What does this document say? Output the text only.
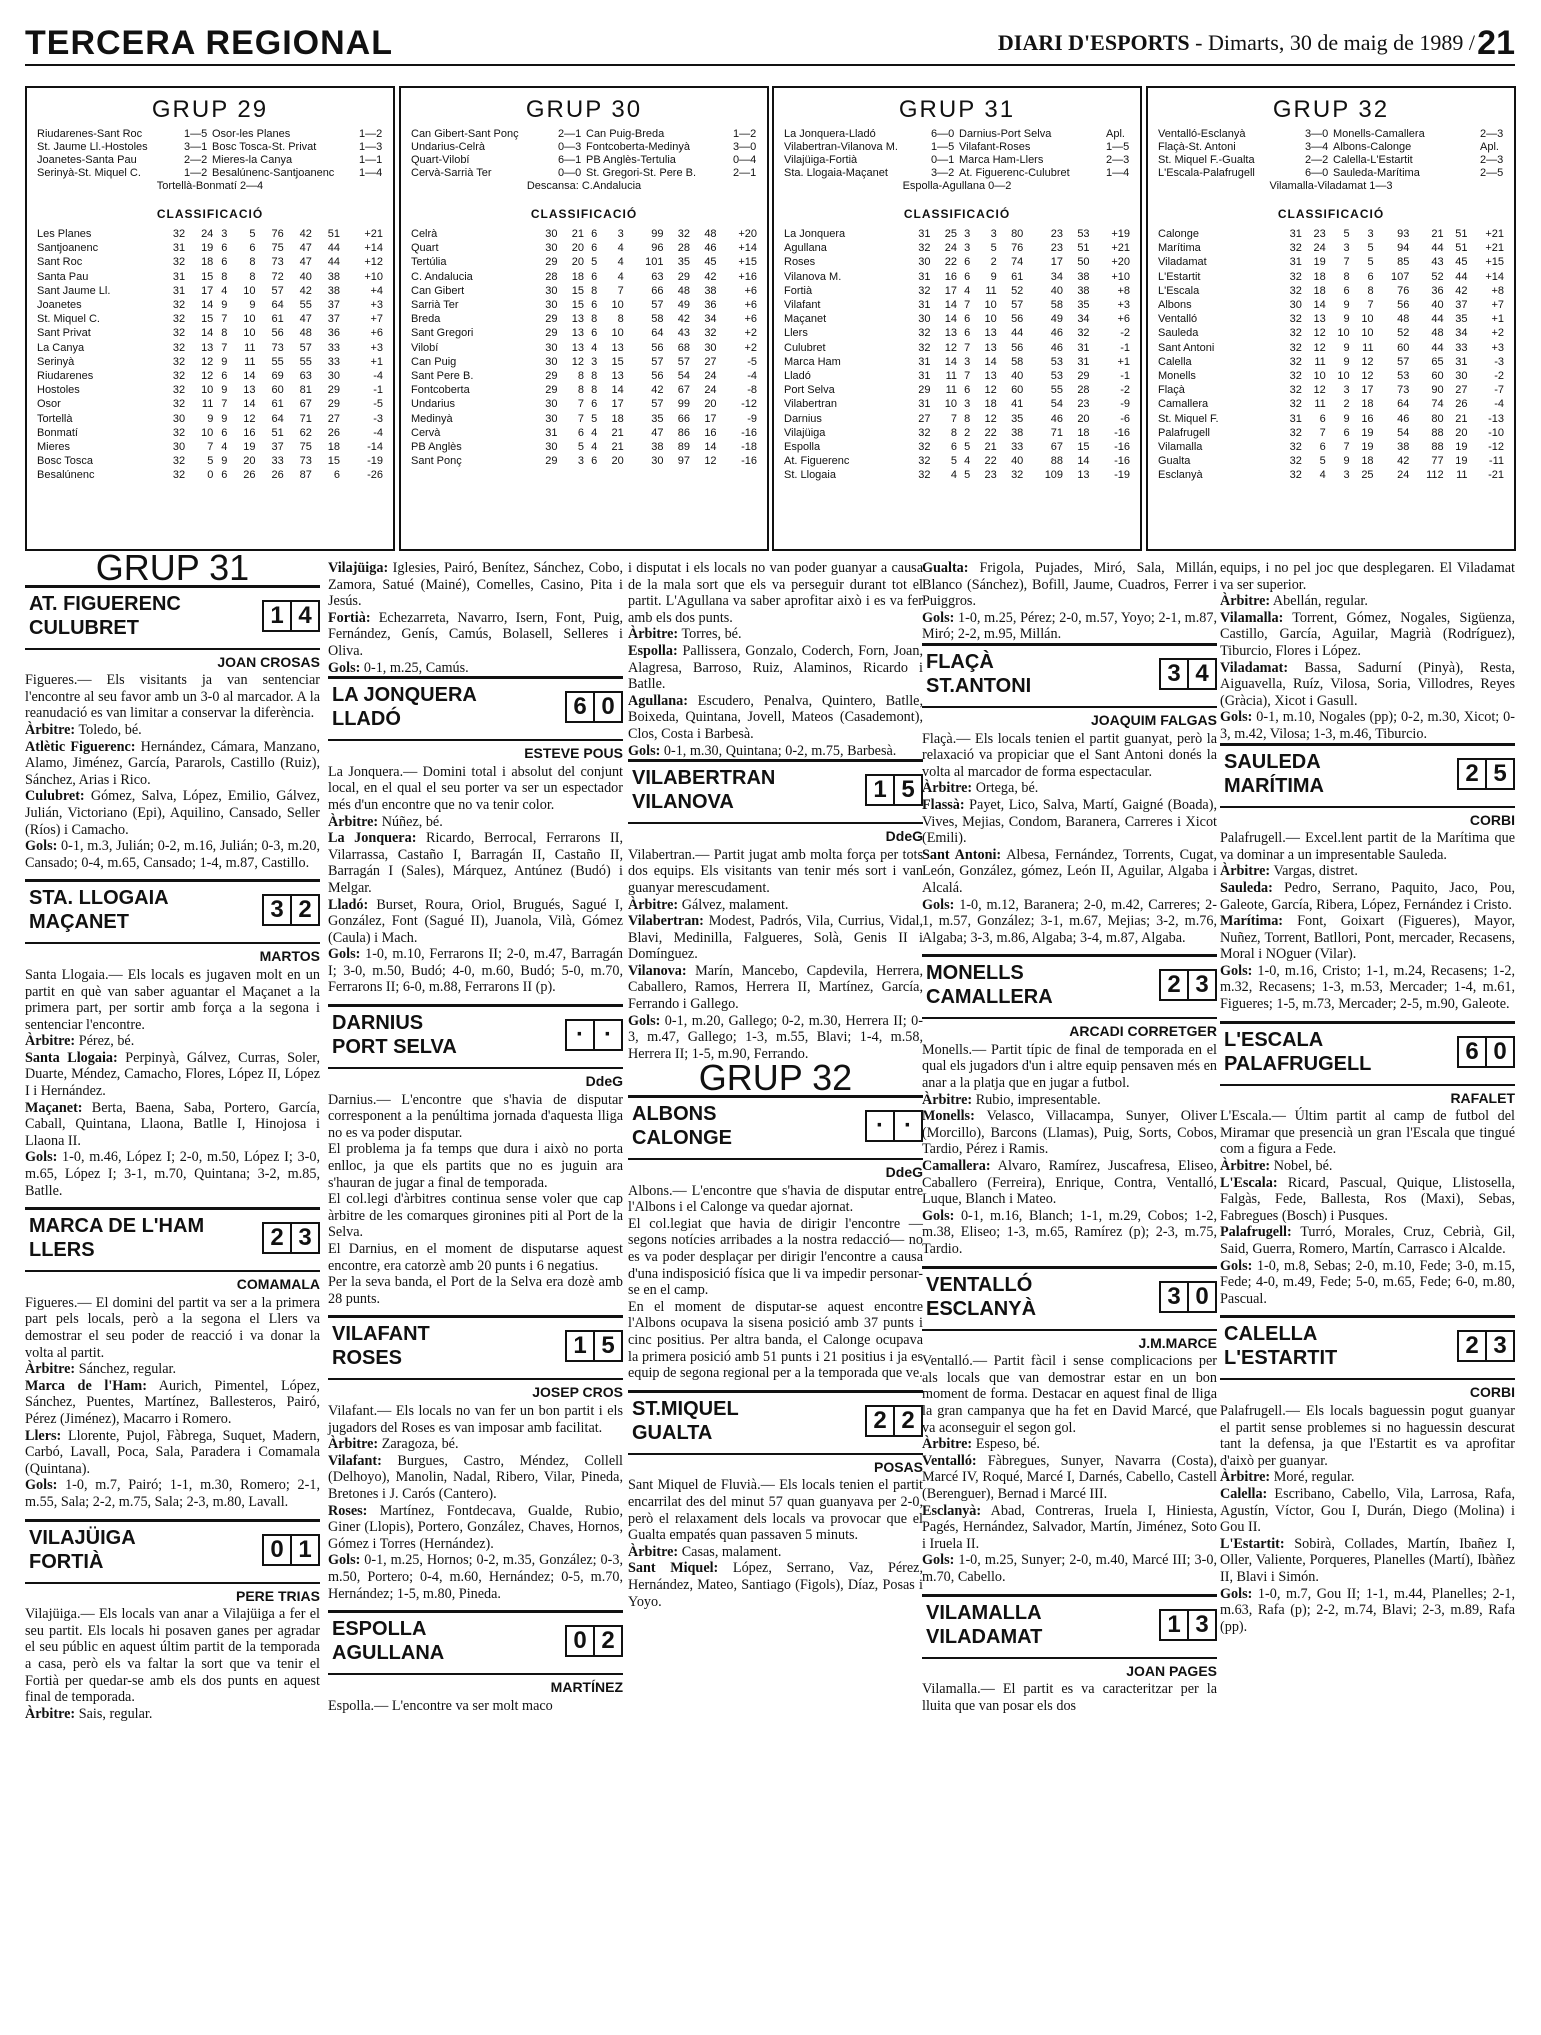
TERCERA REGIONAL	DIARI D'ESPORTS - Dimarts, 30 de maig de 1989 / 21
GRUP 29
Riudarenes-Sant Roc	1—5 Osor-les Planes	1—2
St. Jaume Ll.-Hostoles	3—1 Bosc Tosca-St. Privat	1—3
Joanetes-Santa Pau	2—2 Mieres-la Canya	1—1
Serinyà-St. Miquel C.	1—2 Besalúnenc-Santjoanenc	1—4
Tortellà-Bonmatí 2—4
CLASSIFICACIÓ
Les Planes	32	24	3	5	76	42	51	+21
Santjoanenc	31	19	6	6	75	47	44	+14
Sant Roc	32	18	6	8	73	47	44	+12
Santa Pau	31	15	8	8	72	40	38	+10
Sant Jaume Ll.	31	17	4	10	57	42	38	+4
Joanetes	32	14	9	9	64	55	37	+3
St. Miquel C.	32	15	7	10	61	47	37	+7
Sant Privat	32	14	8	10	56	48	36	+6
La Canya	32	13	7	11	73	57	33	+3
Serinyà	32	12	9	11	55	55	33	+1
Riudarenes	32	12	6	14	69	63	30	-4
Hostoles	32	10	9	13	60	81	29	-1
Osor	32	11	7	14	61	67	29	-5
Tortellà	30	9	9	12	64	71	27	-3
Bonmatí	32	10	6	16	51	62	26	-4
Mieres	30	7	4	19	37	75	18	-14
Bosc Tosca	32	5	9	20	33	73	15	-19
Besalúnenc	32	0	6	26	26	87	6	-26
GRUP 30
Can Gibert-Sant Ponç	2—1 Can Puig-Breda	1—2
Undarius-Celrà	0—3 Fontcoberta-Medinyà	3—0
Quart-Vilobí	6—1 PB Anglès-Tertulia	0—4
Cervà-Sarrià Ter	0—0 St. Gregori-St. Pere B.	2—1
Descansa: C.Andalucia
CLASSIFICACIÓ
Celrà	30	21	6	3	99	32	48	+20
Quart	30	20	6	4	96	28	46	+14
Tertúlia	29	20	5	4	101	35	45	+15
C. Andalucia	28	18	6	4	63	29	42	+16
Can Gibert	30	15	8	7	66	48	38	+6
Sarrià Ter	30	15	6	10	57	49	36	+6
Breda	29	13	8	8	58	42	34	+6
Sant Gregori	29	13	6	10	64	43	32	+2
Vilobí	30	13	4	13	56	68	30	+2
Can Puig	30	12	3	15	57	57	27	-5
Sant Pere B.	29	8	8	13	56	54	24	-4
Fontcoberta	29	8	8	14	42	67	24	-8
Undarius	30	7	6	17	57	99	20	-12
Medinyà	30	7	5	18	35	66	17	-9
Cervà	31	6	4	21	47	86	16	-16
PB Anglès	30	5	4	21	38	89	14	-18
Sant Ponç	29	3	6	20	30	97	12	-16
GRUP 31
La Jonquera-Lladó	6—0 Darnius-Port Selva	Apl.
Vilabertran-Vilanova M.	1—5 Vilafant-Roses	1—5
Vilajüiga-Fortià	0—1 Marca Ham-Llers	2—3
Sta. Llogaia-Maçanet	3—2 At. Figuerenc-Culubret	1—4
Espolla-Agullana 0—2
CLASSIFICACIÓ
La Jonquera	31	25	3	3	80	23	53	+19
Agullana	32	24	3	5	76	23	51	+21
Roses	30	22	6	2	74	17	50	+20
Vilanova M.	31	16	6	9	61	34	38	+10
Fortià	32	17	4	11	52	40	38	+8
Vilafant	31	14	7	10	57	58	35	+3
Maçanet	30	14	6	10	56	49	34	+6
Llers	32	13	6	13	44	46	32	-2
Culubret	32	12	7	13	56	46	31	-1
Marca Ham	31	14	3	14	58	53	31	+1
Lladó	31	11	7	13	40	53	29	-1
Port Selva	29	11	6	12	60	55	28	-2
Vilabertran	31	10	3	18	41	54	23	-9
Darnius	27	7	8	12	35	46	20	-6
Vilajüiga	32	8	2	22	38	71	18	-16
Espolla	32	6	5	21	33	67	15	-16
At. Figuerenc	32	5	4	22	40	88	14	-16
St. Llogaia	32	4	5	23	32	109	13	-19
GRUP 32
Ventalló-Esclanyà	3—0 Monells-Camallera	2—3
Flaçà-St. Antoni	3—4 Albons-Calonge	Apl.
St. Miquel F.-Gualta	2—2 Calella-L'Estartit	2—3
L'Escala-Palafrugell	6—0 Sauleda-Marítima	2—5
Vilamalla-Viladamat 1—3
CLASSIFICACIÓ
Calonge	31	23	5	3	93	21	51	+21
Marítima	32	24	3	5	94	44	51	+21
Viladamat	31	19	7	5	85	43	45	+15
L'Estartit	32	18	8	6	107	52	44	+14
L'Escala	32	18	6	8	76	36	42	+8
Albons	30	14	9	7	56	40	37	+7
Ventalló	32	13	9	10	48	44	35	+1
Sauleda	32	12	10	10	52	48	34	+2
Sant Antoni	32	12	9	11	60	44	33	+3
Calella	32	11	9	12	57	65	31	-3
Monells	32	10	10	12	53	60	30	-2
Flaçà	32	12	3	17	73	90	27	-7
Camallera	32	11	2	18	64	74	26	-4
St. Miquel F.	31	6	9	16	46	80	21	-13
Palafrugell	32	7	6	19	54	88	20	-10
Vilamalla	32	6	7	19	38	88	19	-12
Gualta	32	5	9	18	42	77	19	-11
Esclanyà	32	4	3	25	24	112	11	-21
GRUP 31
AT. FIGUERENC
CULUBRET	1 4
JOAN CROSAS

Figueres.— Els visitants ja van sentenciar l'encontre al seu favor amb un 3-0 al marcador. A la reanudació es van limitar a conservar la diferència.

Àrbitre: Toledo, bé.

Atlètic Figuerenc: Hernández, Cámara, Manzano, Alamo, Jiménez, García, Pararols, Castillo (Ruiz), Sánchez, Arias i Rico.

Culubret: Gómez, Salva, López, Emilio, Gálvez, Julián, Victoriano (Epi), Aquilino, Cansado, Seller (Ríos) i Camacho.

Gols: 0-1, m.3, Julián; 0-2, m.16, Julián; 0-3, m.20, Cansado; 0-4, m.65, Cansado; 1-4, m.87, Castillo.

STA. LLOGAIA
MAÇANET	3 2
MARTOS

Santa Llogaia.— Els locals es jugaven molt en un partit en què van saber aguantar el Maçanet a la primera part, per sortir amb força a la segona i sentenciar l'encontre.

Àrbitre: Pérez, bé.

Santa Llogaia: Perpinyà, Gálvez, Curras, Soler, Duarte, Méndez, Camacho, Flores, López II, López I i Hernández.

Maçanet: Berta, Baena, Saba, Portero, García, Caball, Quintana, Llaona, Batlle I, Hinojosa i Llaona II.

Gols: 1-0, m.46, López I; 2-0, m.50, López I; 3-0, m.65, López I; 3-1, m.70, Quintana; 3-2, m.85, Batlle.

MARCA DE L'HAM
LLERS	2 3
COMAMALA

Figueres.— El domini del partit va ser a la primera part pels locals, però a la segona el Llers va demostrar el seu poder de reacció i va donar la volta al partit.

Àrbitre: Sánchez, regular.

Marca de l'Ham: Aurich, Pimentel, López, Sánchez, Puentes, Martínez, Ballesteros, Pairó, Pérez (Jiménez), Macarro i Romero.

Llers: Llorente, Pujol, Fàbrega, Suquet, Madern, Carbó, Lavall, Poca, Sala, Paradera i Comamala (Quintana).

Gols: 1-0, m.7, Pairó; 1-1, m.30, Romero; 2-1, m.55, Sala; 2-2, m.75, Sala; 2-3, m.80, Lavall.

VILAJÜIGA
FORTIÀ	0 1
PERE TRIAS

Vilajüiga.— Els locals van anar a Vilajüiga a fer el seu partit. Els locals hi posaven ganes per agradar el seu públic en aquest últim partit de la temporada a casa, però els va faltar la sort que va tenir el Fortià per quedar-se amb els dos punts en aquest final de temporada.

Àrbitre: Sais, regular.

Vilajüiga: Iglesies, Pairó, Benítez, Sánchez, Cobo, Zamora, Satué (Mainé), Comelles, Casino, Pita i Jesús.

Fortià: Echezarreta, Navarro, Isern, Font, Puig, Fernández, Genís, Camús, Bolasell, Selleres i Oliva.

Gols: 0-1, m.25, Camús.

LA JONQUERA
LLADÓ	6 0
ESTEVE POUS

La Jonquera.— Domini total i absolut del conjunt local, en el qual el seu porter va ser un espectador més d'un encontre que no va tenir color.

Àrbitre: Núñez, bé.

La Jonquera: Ricardo, Berrocal, Ferrarons II, Vilarrassa, Castaño I, Barragán II, Castaño II, Barragán I (Sales), Márquez, Antúnez (Budó) i Melgar.

Lladó: Burset, Roura, Oriol, Brugués, Sagué I, González, Font (Sagué II), Juanola, Vilà, Gómez (Caula) i Mach.

Gols: 1-0, m.10, Ferrarons II; 2-0, m.47, Barragán I; 3-0, m.50, Budó; 4-0, m.60, Budó; 5-0, m.70, Ferrarons II; 6-0, m.88, Ferrarons II (p).

DARNIUS
PORT SELVA	· ·
DdeG

Darnius.— L'encontre que s'havia de disputar corresponent a la penúltima jornada d'aquesta lliga no es va poder disputar.

El problema ja fa temps que dura i això no porta enlloc, ja que els partits que no es juguin ara s'hauran de jugar a final de temporada.

El col.legi d'àrbitres continua sense voler que cap àrbitre de les comarques gironines piti al Port de la Selva.

El Darnius, en el moment de disputarse aquest encontre, era catorzè amb 20 punts i 6 negatius.

Per la seva banda, el Port de la Selva era dozè amb 28 punts.

VILAFANT
ROSES	1 5
JOSEP CROS

Vilafant.— Els locals no van fer un bon partit i els jugadors del Roses es van imposar amb facilitat.

Àrbitre: Zaragoza, bé.

Vilafant: Burgues, Castro, Méndez, Collell (Delhoyo), Manolin, Nadal, Ribero, Vilar, Pineda, Bretones i J. Carós (Cantero).

Roses: Martínez, Fontdecava, Gualde, Rubio, Giner (Llopis), Portero, González, Chaves, Hornos, Gómez i Torres (Hernández).

Gols: 0-1, m.25, Hornos; 0-2, m.35, González; 0-3, m.50, Portero; 0-4, m.60, Hernández; 0-5, m.70, Hernández; 1-5, m.80, Pineda.

ESPOLLA
AGULLANA	0 2
MARTÍNEZ

Espolla.— L'encontre va ser molt maco

i disputat i els locals no van poder guanyar a causa de la mala sort que els va perseguir durant tot el partit. L'Agullana va saber aprofitar això i es va fer amb els dos punts.

Àrbitre: Torres, bé.

Espolla: Pallissera, Gonzalo, Coderch, Forn, Joan, Alagresa, Barroso, Ruiz, Alaminos, Ricardo i Batlle.

Agullana: Escudero, Penalva, Quintero, Batlle, Boixeda, Quintana, Jovell, Mateos (Casademont), Clos, Costa i Barbesà.

Gols: 0-1, m.30, Quintana; 0-2, m.75, Barbesà.

VILABERTRAN
VILANOVA	1 5
DdeG

Vilabertran.— Partit jugat amb molta força per tots dos equips. Els visitants van tenir més sort i van guanyar merescudament.

Àrbitre: Gálvez, malament.

Vilabertran: Modest, Padrós, Vila, Currius, Vidal, Blavi, Medinilla, Falgueres, Solà, Genis II i Domínguez.

Vilanova: Marín, Mancebo, Capdevila, Herrera, Caballero, Ramos, Herrera II, Martínez, García, Ferrando i Gallego.

Gols: 0-1, m.20, Gallego; 0-2, m.30, Herrera II; 0-3, m.47, Gallego; 1-3, m.55, Blavi; 1-4, m.58, Herrera II; 1-5, m.90, Ferrando.

GRUP 32
ALBONS
CALONGE	· ·
DdeG

Albons.— L'encontre que s'havia de disputar entre l'Albons i el Calonge va quedar ajornat.

El col.legiat que havia de dirigir l'encontre —segons notícies arribades a la nostra redacció— no es va poder desplaçar per dirigir l'encontre a causa d'una indisposició física que li va impedir personar-se en el camp.

En el moment de disputar-se aquest encontre l'Albons ocupava la sisena posició amb 37 punts i cinc positius. Per altra banda, el Calonge ocupava la primera posició amb 51 punts i 21 positius i ja es equip de segona regional per a la temporada que ve.

ST.MIQUEL
GUALTA	2 2
POSAS

Sant Miquel de Fluvià.— Els locals tenien el partit encarrilat des del minut 57 quan guanyava per 2-0, però el relaxament dels locals va provocar que el Gualta empatés quan passaven 5 minuts.

Àrbitre: Casas, malament.

Sant Miquel: López, Serrano, Vaz, Pérez, Hernández, Mateo, Santiago (Figols), Díaz, Posas i Yoyo.

Gualta: Frigola, Pujades, Miró, Sala, Millán, Blanco (Sánchez), Bofill, Jaume, Cuadros, Ferrer i Puiggros.

Gols: 1-0, m.25, Pérez; 2-0, m.57, Yoyo; 2-1, m.87, Miró; 2-2, m.95, Millán.

FLAÇÀ
ST.ANTONI	3 4
JOAQUIM FALGAS

Flaçà.— Els locals tenien el partit guanyat, però la relaxació va propiciar que el Sant Antoni donés la volta al marcador de forma espectacular.

Àrbitre: Ortega, bé.

Flassà: Payet, Lico, Salva, Martí, Gaigné (Boada), Vives, Mejias, Condom, Baranera, Carreres i Xicot (Emili).

Sant Antoni: Albesa, Fernández, Torrents, Cugat, León, González, gómez, León II, Aguilar, Algaba i Alcalá.

Gols: 1-0, m.12, Baranera; 2-0, m.42, Carreres; 2-1, m.57, González; 3-1, m.67, Mejias; 3-2, m.76, Algaba; 3-3, m.86, Algaba; 3-4, m.87, Algaba.

MONELLS
CAMALLERA	2 3
ARCADI CORRETGER

Monells.— Partit típic de final de temporada en el qual els jugadors d'un i altre equip pensaven més en anar a la platja que en jugar a futbol.

Àrbitre: Rubio, impresentable.

Monells: Velasco, Villacampa, Sunyer, Oliver (Morcillo), Barcons (Llamas), Puig, Sorts, Cobos, Tardio, Pérez i Ramis.

Camallera: Alvaro, Ramírez, Juscafresa, Eliseo, Caballero (Ferreira), Enrique, Contra, Ventalló, Luque, Blanch i Mateo.

Gols: 0-1, m.16, Blanch; 1-1, m.29, Cobos; 1-2, m.38, Eliseo; 1-3, m.65, Ramírez (p); 2-3, m.75, Tardio.

VENTALLÓ
ESCLANYÀ	3 0
J.M.MARCE

Ventalló.— Partit fàcil i sense complicacions per als locals que van demostrar estar en un bon moment de forma. Destacar en aquest final de lliga la gran campanya que ha fet en David Marcé, que va aconseguir el segon gol.

Àrbitre: Espeso, bé.

Ventalló: Fàbregues, Sunyer, Navarra (Costa), Marcé IV, Roqué, Marcé I, Darnés, Cabello, Castell (Berenguer), Bernad i Marcé III.

Esclanyà: Abad, Contreras, Iruela I, Hiniesta, Pagés, Hernández, Salvador, Martín, Jiménez, Soto i Iruela II.

Gols: 1-0, m.25, Sunyer; 2-0, m.40, Marcé III; 3-0, m.70, Cabello.

VILAMALLA
VILADAMAT	1 3
JOAN PAGES

Vilamalla.— El partit es va caracteritzar per la lluita que van posar els dos

equips, i no pel joc que desplegaren. El Viladamat va ser superior.

Àrbitre: Abellán, regular.

Vilamalla: Torrent, Gómez, Nogales, Sigüenza, Castillo, García, Aguilar, Magrià (Rodríguez), Tiburcio, Flores i López.

Viladamat: Bassa, Sadurní (Pinyà), Resta, Aiguavella, Ruíz, Vilosa, Soria, Villodres, Reyes (Gràcia), Xicot i Gasull.

Gols: 0-1, m.10, Nogales (pp); 0-2, m.30, Xicot; 0-3, m.42, Vilosa; 1-3, m.46, Tiburcio.

SAULEDA
MARÍTIMA	2 5
CORBI

Palafrugell.— Excel.lent partit de la Marítima que va dominar a un impresentable Sauleda.

Àrbitre: Vargas, distret.

Sauleda: Pedro, Serrano, Paquito, Jaco, Pou, Galeote, García, Ribera, López, Fernández i Cristo.

Marítima: Font, Goixart (Figueres), Mayor, Nuñez, Torrent, Batllori, Pont, mercader, Recasens, Moral i NOguer (Vilar).

Gols: 1-0, m.16, Cristo; 1-1, m.24, Recasens; 1-2, m.32, Recasens; 1-3, m.53, Mercader; 1-4, m.61, Figueres; 1-5, m.73, Mercader; 2-5, m.90, Galeote.

L'ESCALA
PALAFRUGELL	6 0
RAFALET

L'Escala.— Últim partit al camp de futbol del Miramar que presencià un gran l'Escala que tingué com a figura a Fede.

Àrbitre: Nobel, bé.

L'Escala: Ricard, Pascual, Quique, Llistosella, Falgàs, Fede, Ballesta, Ros (Maxi), Sebas, Fabregues (Bosch) i Pusques.

Palafrugell: Turró, Morales, Cruz, Cebrià, Gil, Said, Guerra, Romero, Martín, Carrasco i Alcalde.

Gols: 1-0, m.8, Sebas; 2-0, m.10, Fede; 3-0, m.15, Fede; 4-0, m.49, Fede; 5-0, m.65, Fede; 6-0, m.80, Pascual.

CALELLA
L'ESTARTIT	2 3
CORBI

Palafrugell.— Els locals baguessin pogut guanyar el partit sense problemes si no haguessin descurat tant la defensa, ja que l'Estartit es va aprofitar d'això per guanyar.

Àrbitre: Moré, regular.

Calella: Escribano, Cabello, Vila, Larrosa, Rafa, Agustín, Víctor, Gou I, Durán, Diego (Molina) i Gou II.

L'Estartit: Sobirà, Collades, Martín, Ibañez I, Oller, Valiente, Porqueres, Planelles (Martí), Ibàñez II, Blavi i Simón.

Gols: 1-0, m.7, Gou II; 1-1, m.44, Planelles; 2-1, m.63, Rafa (p); 2-2, m.74, Blavi; 2-3, m.89, Rafa (pp).
